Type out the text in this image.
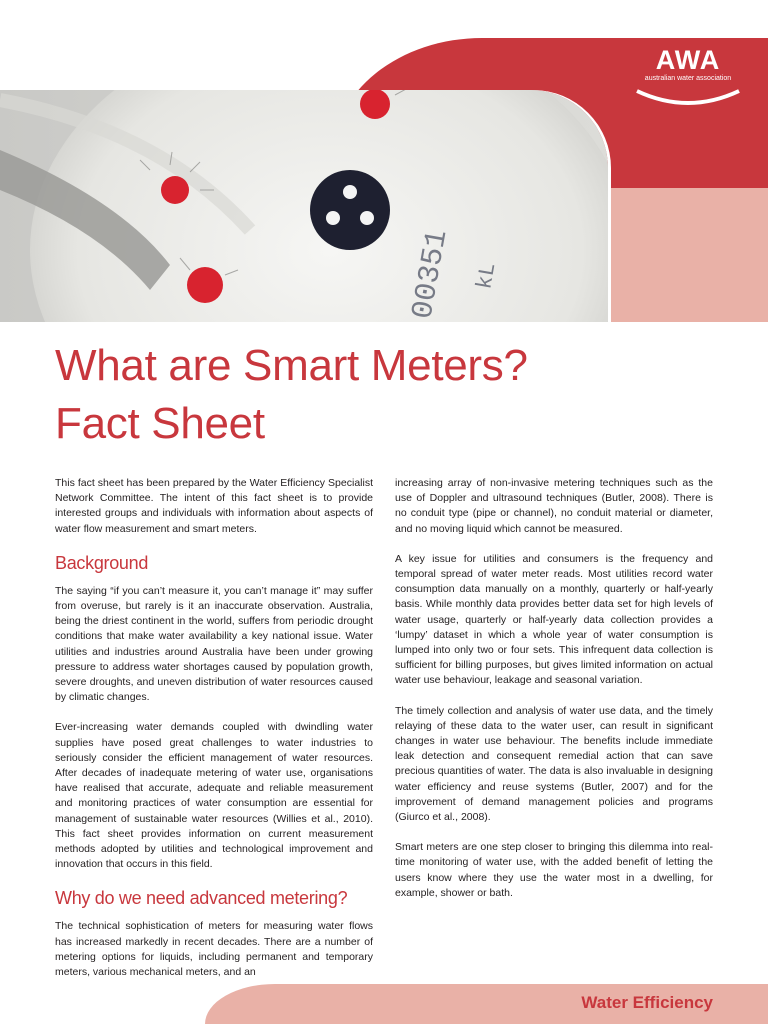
00351 kL
AWA
australian water association
What are Smart Meters?
Fact Sheet

This fact sheet has been prepared by the Water Efficiency Specialist Network Committee. The intent of this fact sheet is to provide interested groups and individuals with information about aspects of water flow measurement and smart meters.

Background

The saying “if you can’t measure it, you can’t manage it” may suffer from overuse, but rarely is it an inaccurate observation. Australia, being the driest continent in the world, suffers from periodic drought conditions that make water availability a key national issue. Water utilities and industries around Australia have been under growing pressure to address water shortages caused by population growth, severe droughts, and uneven distribution of water resources caused by climatic changes.

Ever-increasing water demands coupled with dwindling water supplies have posed great challenges to water industries to seriously consider the efficient management of water resources. After decades of inadequate metering of water use, organisations have realised that accurate, adequate and reliable measurement and monitoring practices of water consumption are essential for management of sustainable water resources (Willies et al., 2010). This fact sheet provides information on current measurement methods adopted by utilities and technological improvement and innovation that occurs in this field.

Why do we need advanced metering?

The technical sophistication of meters for measuring water flows has increased markedly in recent decades. There are a number of metering options for liquids, including permanent and temporary meters, various mechanical meters, and an

increasing array of non-invasive metering techniques such as the use of Doppler and ultrasound techniques (Butler, 2008). There is no conduit type (pipe or channel), no conduit material or diameter, and no moving liquid which cannot be measured.

A key issue for utilities and consumers is the frequency and temporal spread of water meter reads. Most utilities record water consumption data manually on a monthly, quarterly or half-yearly basis. While monthly data provides better data set for high levels of water usage, quarterly or half-yearly data collection provides a ‘lumpy’ dataset in which a whole year of water consumption is lumped into only two or four sets. This infrequent data collection is sufficient for billing purposes, but gives limited information on actual water use behaviour, leakage and seasonal variation.

The timely collection and analysis of water use data, and the timely relaying of these data to the water user, can result in significant changes in water use behaviour. The benefits include immediate leak detection and consequent remedial action that can save precious quantities of water. The data is also invaluable in designing water efficiency and reuse systems (Butler, 2007) and for the improvement of demand management policies and programs (Giurco et al., 2008).

Smart meters are one step closer to bringing this dilemma into real-time monitoring of water use, with the added benefit of letting the users know where they use the water most in a dwelling, for example, shower or bath.

Water Efficiency
